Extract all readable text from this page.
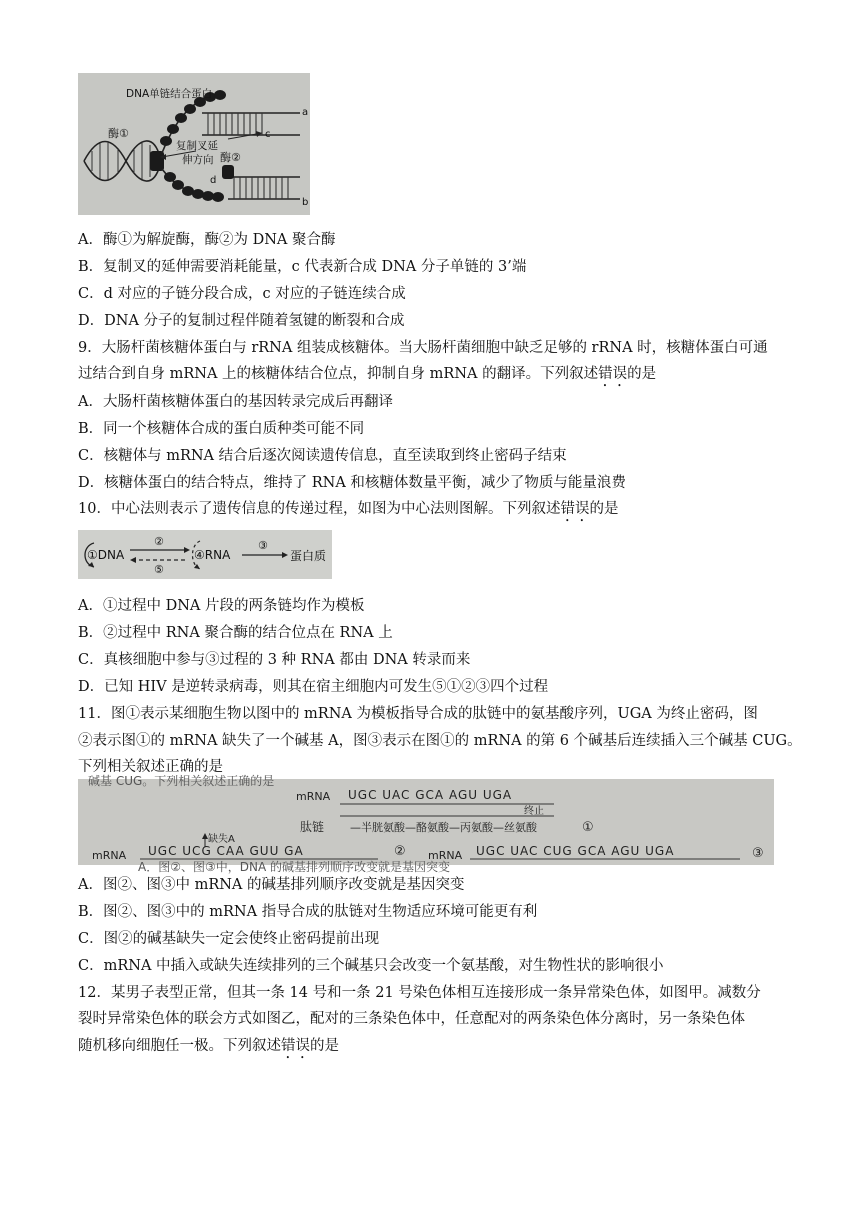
DNA单链结合蛋白
酶①
复制叉延
伸方向 酶②
a
c
d
b
A．酶①为解旋酶，酶②为 DNA 聚合酶
B．复制叉的延伸需要消耗能量，c 代表新合成 DNA 分子单链的 3’端
C．d 对应的子链分段合成，c 对应的子链连续合成
D．DNA 分子的复制过程伴随着氢键的断裂和合成
9．大肠杆菌核糖体蛋白与 rRNA 组装成核糖体。当大肠杆菌细胞中缺乏足够的 rRNA 时，核糖体蛋白可通
过结合到自身 mRNA 上的核糖体结合位点，抑制自身 mRNA 的翻译。下列叙述错误的是
A．大肠杆菌核糖体蛋白的基因转录完成后再翻译
B．同一个核糖体合成的蛋白质种类可能不同
C．核糖体与 mRNA 结合后逐次阅读遗传信息，直至读取到终止密码子结束
D．核糖体蛋白的结合特点，维持了 RNA 和核糖体数量平衡，减少了物质与能量浪费
10．中心法则表示了遗传信息的传递过程，如图为中心法则图解。下列叙述错误的是
①DNA
②
⑤
④RNA
③
蛋白质
A．①过程中 DNA 片段的两条链均作为模板
B．②过程中 RNA 聚合酶的结合位点在 RNA 上
C．真核细胞中参与③过程的 3 种 RNA 都由 DNA 转录而来
D．已知 HIV 是逆转录病毒，则其在宿主细胞内可发生⑤①②③四个过程
11．图①表示某细胞生物以图中的 mRNA 为模板指导合成的肽链中的氨基酸序列，UGA 为终止密码，图
②表示图①的 mRNA 缺失了一个碱基 A，图③表示在图①的 mRNA 的第 6 个碱基后连续插入三个碱基 CUG。
下列相关叙述正确的是
碱基 CUG。下列相关叙述正确的是
mRNA UGC UAC GCA AGU UGA
终止
肽链 —半胱氨酸—酪氨酸—丙氨酸—丝氨酸	①
缺失A
mRNA UGC UCG CAA GUU GA	② mRNA UGC UAC CUG GCA AGU UGA	③
A．图②、图③中，DNA 的碱基排列顺序改变就是基因突变
A．图②、图③中 mRNA 的碱基排列顺序改变就是基因突变
B．图②、图③中的 mRNA 指导合成的肽链对生物适应环境可能更有利
C．图②的碱基缺失一定会使终止密码提前出现
C．mRNA 中插入或缺失连续排列的三个碱基只会改变一个氨基酸，对生物性状的影响很小
12．某男子表型正常，但其一条 14 号和一条 21 号染色体相互连接形成一条异常染色体，如图甲。减数分
裂时异常染色体的联会方式如图乙，配对的三条染色体中，任意配对的两条染色体分离时，另一条染色体
随机移向细胞任一极。下列叙述错误的是
